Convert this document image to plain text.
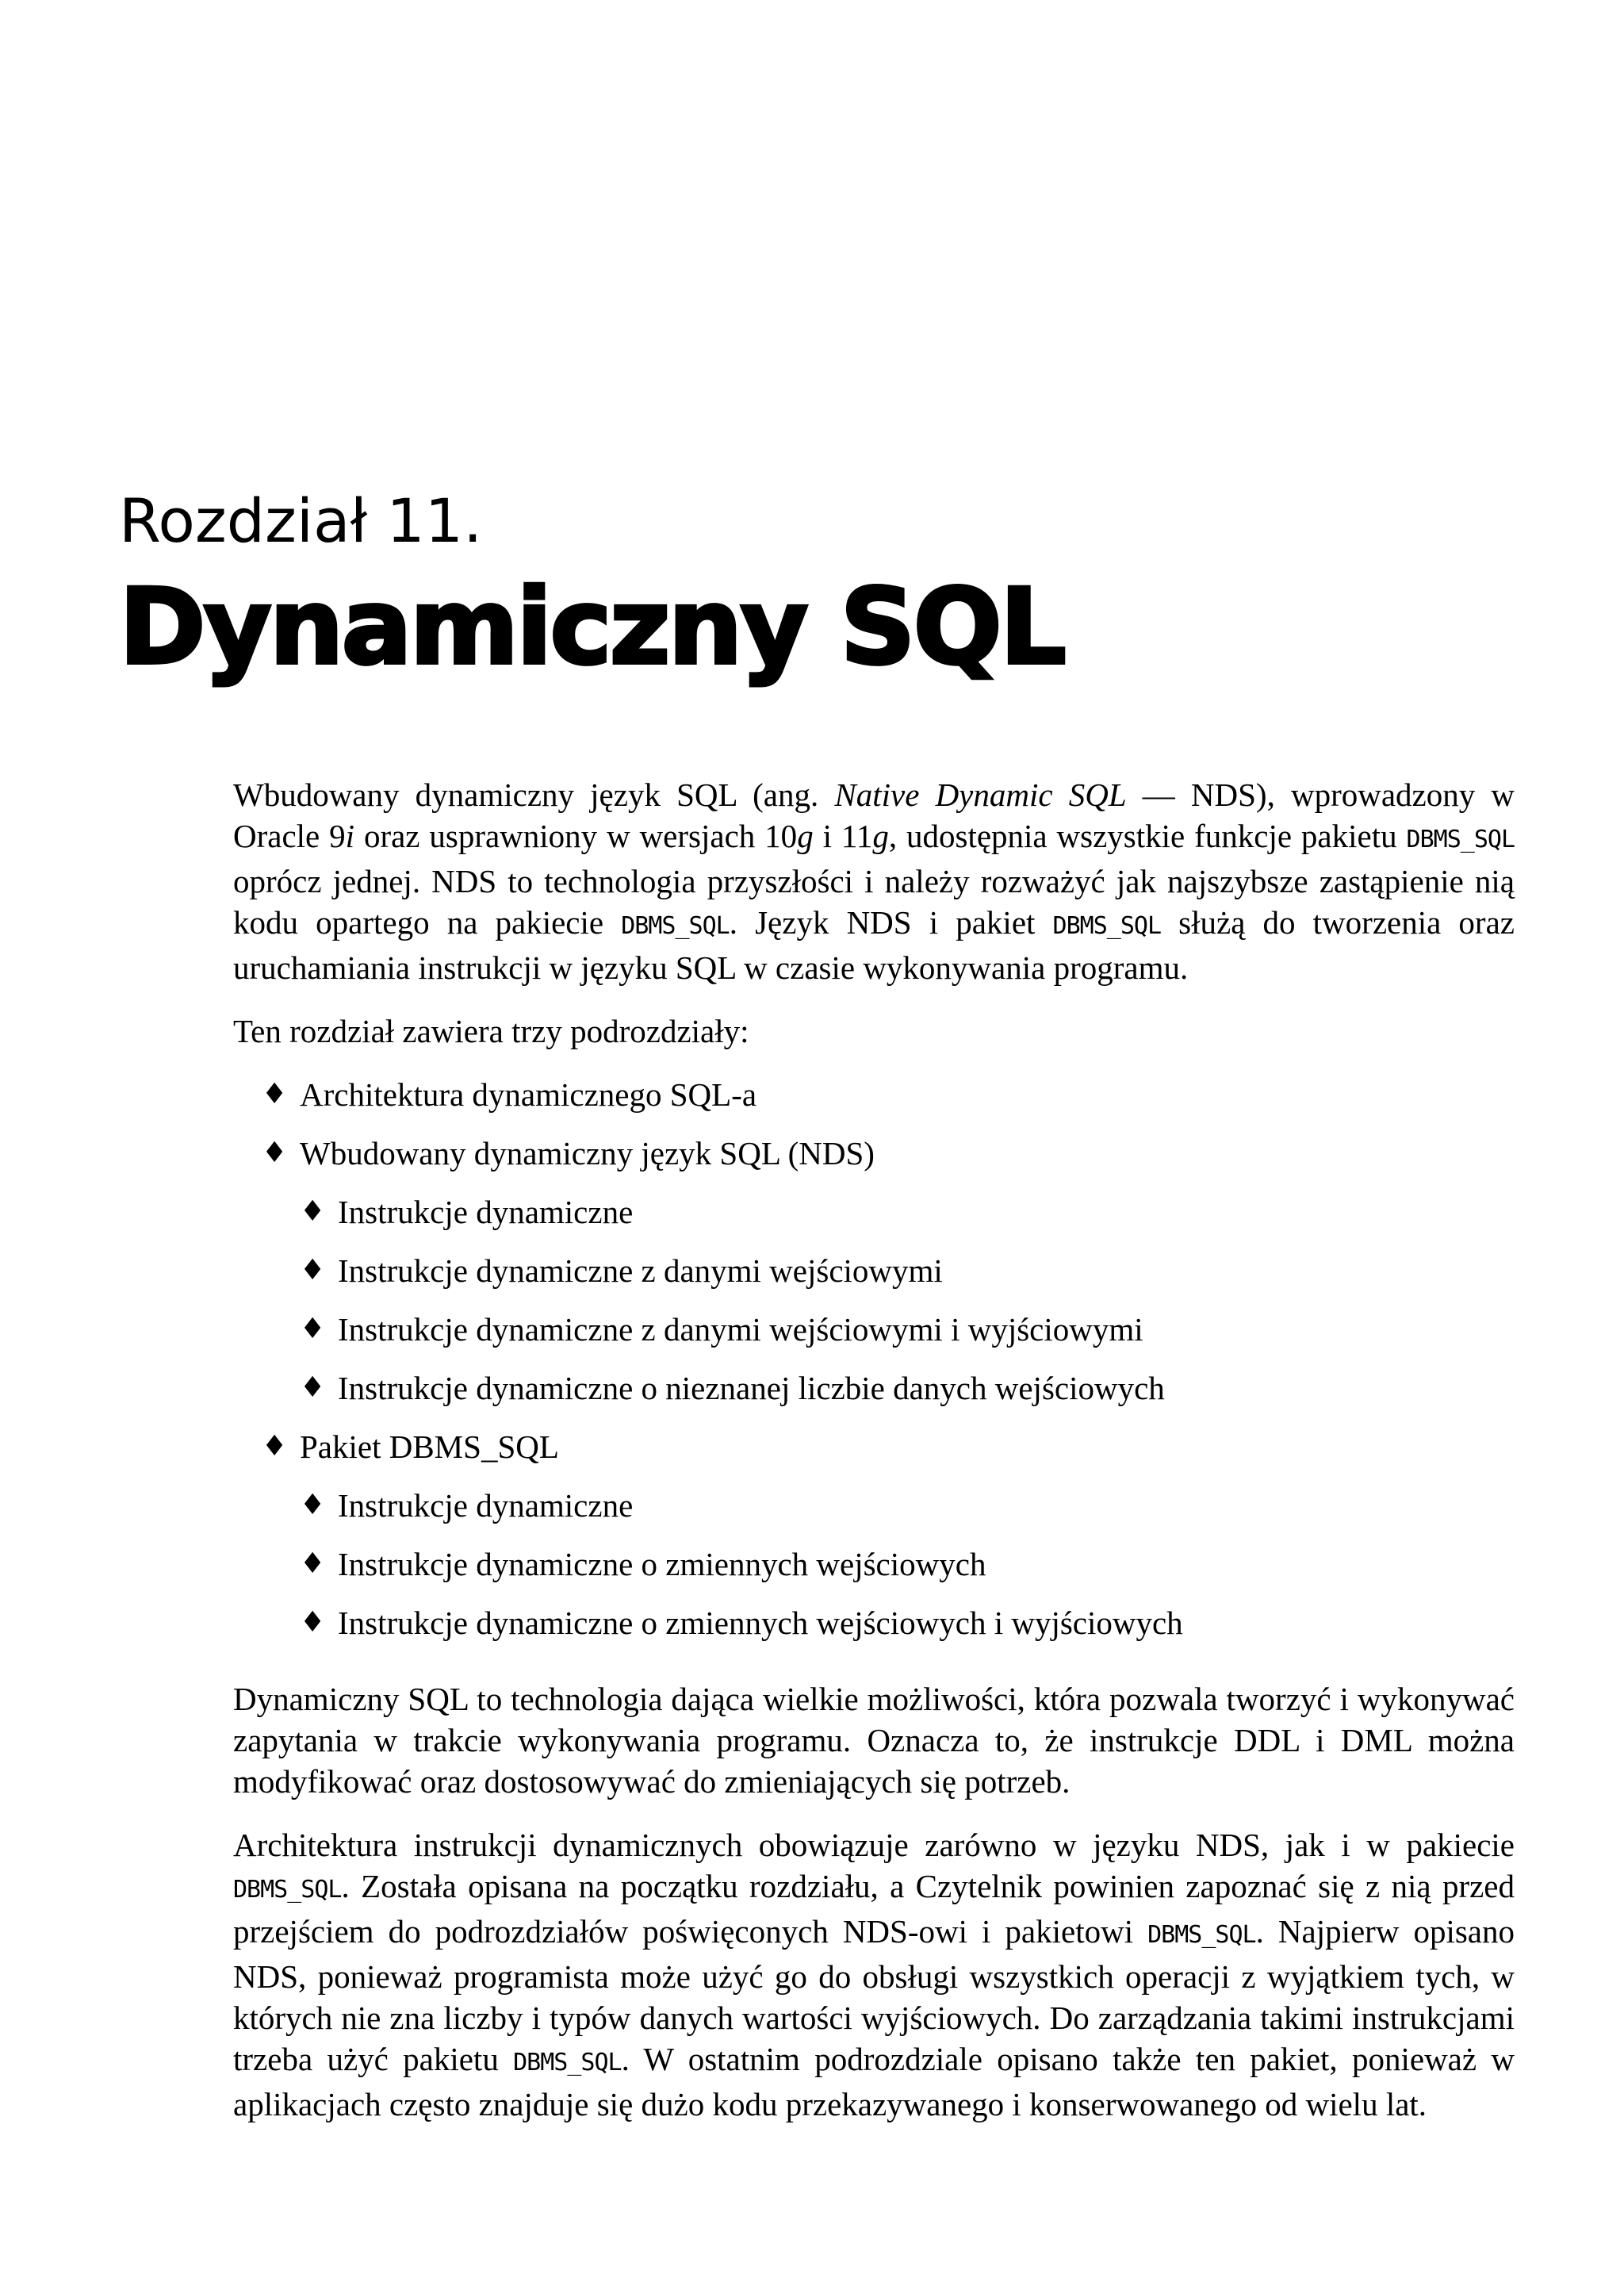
Rozdział 11.
Dynamiczny SQL

Wbudowany dynamiczny język SQL (ang. Native Dynamic SQL — NDS), wprowadzony w Oracle 9i oraz usprawniony w wersjach 10g i 11g, udostępnia wszystkie funkcje pakietu DBMS_SQL oprócz jednej. NDS to technologia przyszłości i należy rozważyć jak najszybsze zastąpienie nią kodu opartego na pakiecie DBMS_SQL. Język NDS i pakiet DBMS_SQL służą do tworzenia oraz uruchamiania instrukcji w języku SQL w czasie wykonywania programu.

Ten rozdział zawiera trzy podrozdziały:

♦ Architektura dynamicznego SQL-a
♦ Wbudowany dynamiczny język SQL (NDS)
♦ Instrukcje dynamiczne
♦ Instrukcje dynamiczne z danymi wejściowymi
♦ Instrukcje dynamiczne z danymi wejściowymi i wyjściowymi
♦ Instrukcje dynamiczne o nieznanej liczbie danych wejściowych
♦ Pakiet DBMS_SQL
♦ Instrukcje dynamiczne
♦ Instrukcje dynamiczne o zmiennych wejściowych
♦ Instrukcje dynamiczne o zmiennych wejściowych i wyjściowych

Dynamiczny SQL to technologia dająca wielkie możliwości, która pozwala tworzyć i wykonywać zapytania w trakcie wykonywania programu. Oznacza to, że instrukcje DDL i DML można modyfikować oraz dostosowywać do zmieniających się potrzeb.

Architektura instrukcji dynamicznych obowiązuje zarówno w języku NDS, jak i w pakiecie DBMS_SQL. Została opisana na początku rozdziału, a Czytelnik powinien zapoznać się z nią przed przejściem do podrozdziałów poświęconych NDS-owi i pakietowi DBMS_SQL. Najpierw opisano NDS, ponieważ programista może użyć go do obsługi wszystkich operacji z wyjątkiem tych, w których nie zna liczby i typów danych wartości wyjściowych. Do zarządzania takimi instrukcjami trzeba użyć pakietu DBMS_SQL. W ostatnim podrozdziale opisano także ten pakiet, ponieważ w aplikacjach często znajduje się dużo kodu przekazywanego i konserwowanego od wielu lat.
